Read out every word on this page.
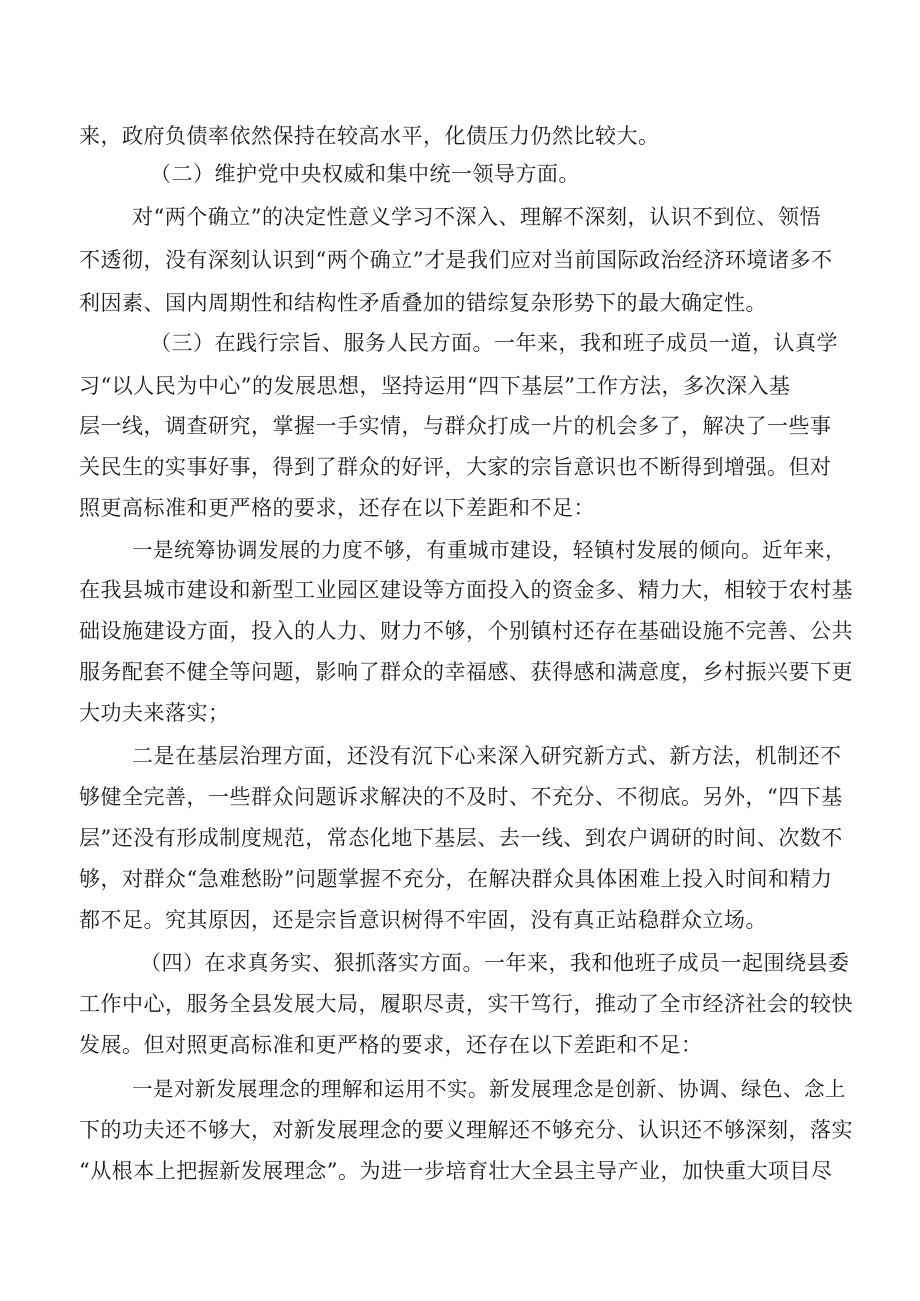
来，政府负债率依然保持在较高水平，化债压力仍然比较大。
（二）维护党中央权威和集中统一领导方面。
对“两个确立”的决定性意义学习不深入、理解不深刻，认识不到位、领悟
不透彻，没有深刻认识到“两个确立”才是我们应对当前国际政治经济环境诸多不
利因素、国内周期性和结构性矛盾叠加的错综复杂形势下的最大确定性。
（三）在践行宗旨、服务人民方面。一年来，我和班子成员一道，认真学
习“以人民为中心”的发展思想，坚持运用“四下基层”工作方法，多次深入基
层一线，调查研究，掌握一手实情，与群众打成一片的机会多了，解决了一些事
关民生的实事好事，得到了群众的好评，大家的宗旨意识也不断得到增强。但对
照更高标准和更严格的要求，还存在以下差距和不足：
一是统筹协调发展的力度不够，有重城市建设，轻镇村发展的倾向。近年来，
在我县城市建设和新型工业园区建设等方面投入的资金多、精力大，相较于农村基
础设施建设方面，投入的人力、财力不够，个别镇村还存在基础设施不完善、公共
服务配套不健全等问题，影响了群众的幸福感、获得感和满意度，乡村振兴要下更
大功夫来落实；
二是在基层治理方面，还没有沉下心来深入研究新方式、新方法，机制还不
够健全完善，一些群众问题诉求解决的不及时、不充分、不彻底。另外，“四下基
层”还没有形成制度规范，常态化地下基层、去一线、到农户调研的时间、次数不
够，对群众“急难愁盼”问题掌握不充分，在解决群众具体困难上投入时间和精力
都不足。究其原因，还是宗旨意识树得不牢固，没有真正站稳群众立场。
（四）在求真务实、狠抓落实方面。一年来，我和他班子成员一起围绕县委
工作中心，服务全县发展大局，履职尽责，实干笃行，推动了全市经济社会的较快
发展。但对照更高标准和更严格的要求，还存在以下差距和不足：
一是对新发展理念的理解和运用不实。新发展理念是创新、协调、绿色、念上
下的功夫还不够大，对新发展理念的要义理解还不够充分、认识还不够深刻，落实
“从根本上把握新发展理念”。为进一步培育壮大全县主导产业，加快重大项目尽
